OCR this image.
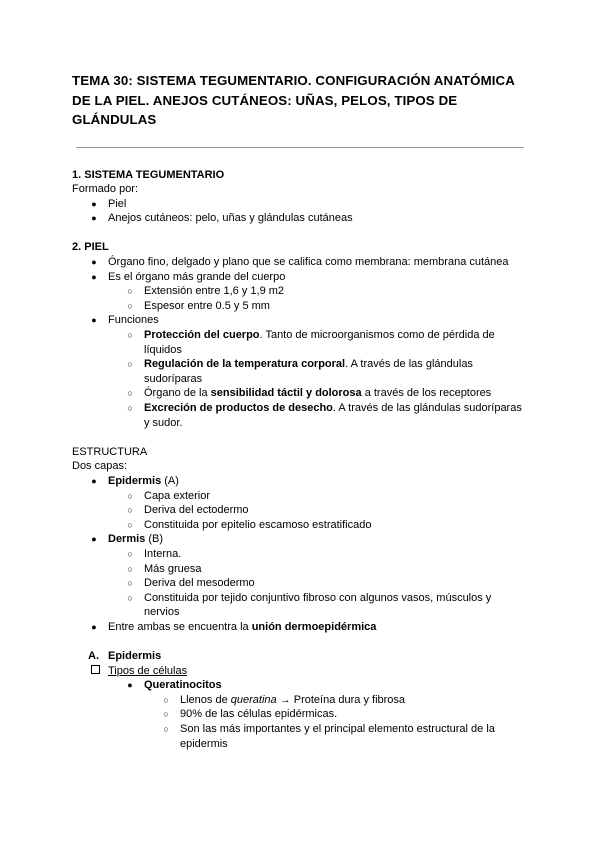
TEMA 30: SISTEMA TEGUMENTARIO. CONFIGURACIÓN ANATÓMICA DE LA PIEL. ANEJOS CUTÁNEOS: UÑAS, PELOS, TIPOS DE GLÁNDULAS
1. SISTEMA TEGUMENTARIO
Formado por:
● Piel
● Anejos cutáneos: pelo, uñas y glándulas cutáneas
2. PIEL
● Órgano fino, delgado y plano que se califica como membrana: membrana cutánea
● Es el órgano más grande del cuerpo
○ Extensión entre 1,6 y 1,9 m2
○ Espesor entre 0.5 y 5 mm
● Funciones
○ Protección del cuerpo. Tanto de microorganismos como de pérdida de líquidos
○ Regulación de la temperatura corporal. A través de las glándulas sudoríparas
○ Órgano de la sensibilidad táctil y dolorosa a través de los receptores
○ Excreción de productos de desecho. A través de las glándulas sudoríparas y sudor.
ESTRUCTURA
Dos capas:
● Epidermis (A)
○ Capa exterior
○ Deriva del ectodermo
○ Constituida por epitelio escamoso estratificado
● Dermis (B)
○ Interna.
○ Más gruesa
○ Deriva del mesodermo
○ Constituida por tejido conjuntivo fibroso con algunos vasos, músculos y nervios
● Entre ambas se encuentra la unión dermoepidérmica
A. Epidermis
Tipos de células
● Queratinocitos
○ Llenos de queratina → Proteína dura y fibrosa
○ 90% de las células epidérmicas.
○ Son las más importantes y el principal elemento estructural de la epidermis
